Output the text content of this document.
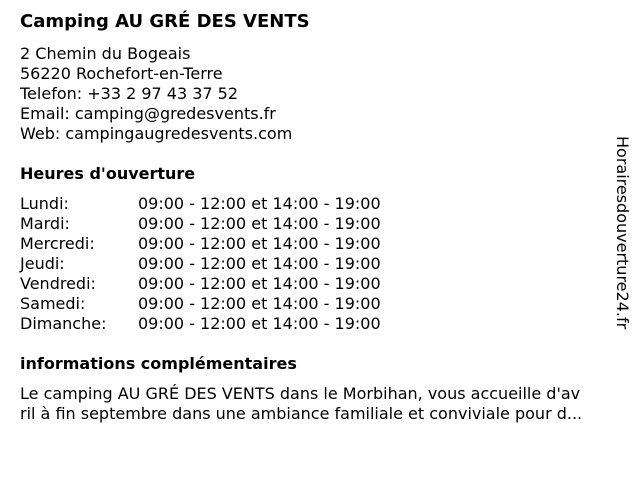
Camping AU GRÉ DES VENTS
2 Chemin du Bogeais
56220 Rochefort-en-Terre
Telefon: +33 2 97 43 37 52
Email: camping@gredesvents.fr
Web: campingaugredesvents.com
Heures d'ouverture
Lundi:	09:00 - 12:00 et 14:00 - 19:00
Mardi:	09:00 - 12:00 et 14:00 - 19:00
Mercredi:	09:00 - 12:00 et 14:00 - 19:00
Jeudi:	09:00 - 12:00 et 14:00 - 19:00
Vendredi:	09:00 - 12:00 et 14:00 - 19:00
Samedi:	09:00 - 12:00 et 14:00 - 19:00
Dimanche:	09:00 - 12:00 et 14:00 - 19:00
informations complémentaires
Le camping AU GRÉ DES VENTS dans le Morbihan, vous accueille d'av
ril à fin septembre dans une ambiance familiale et conviviale pour d...
Horairesdouverture24.fr
